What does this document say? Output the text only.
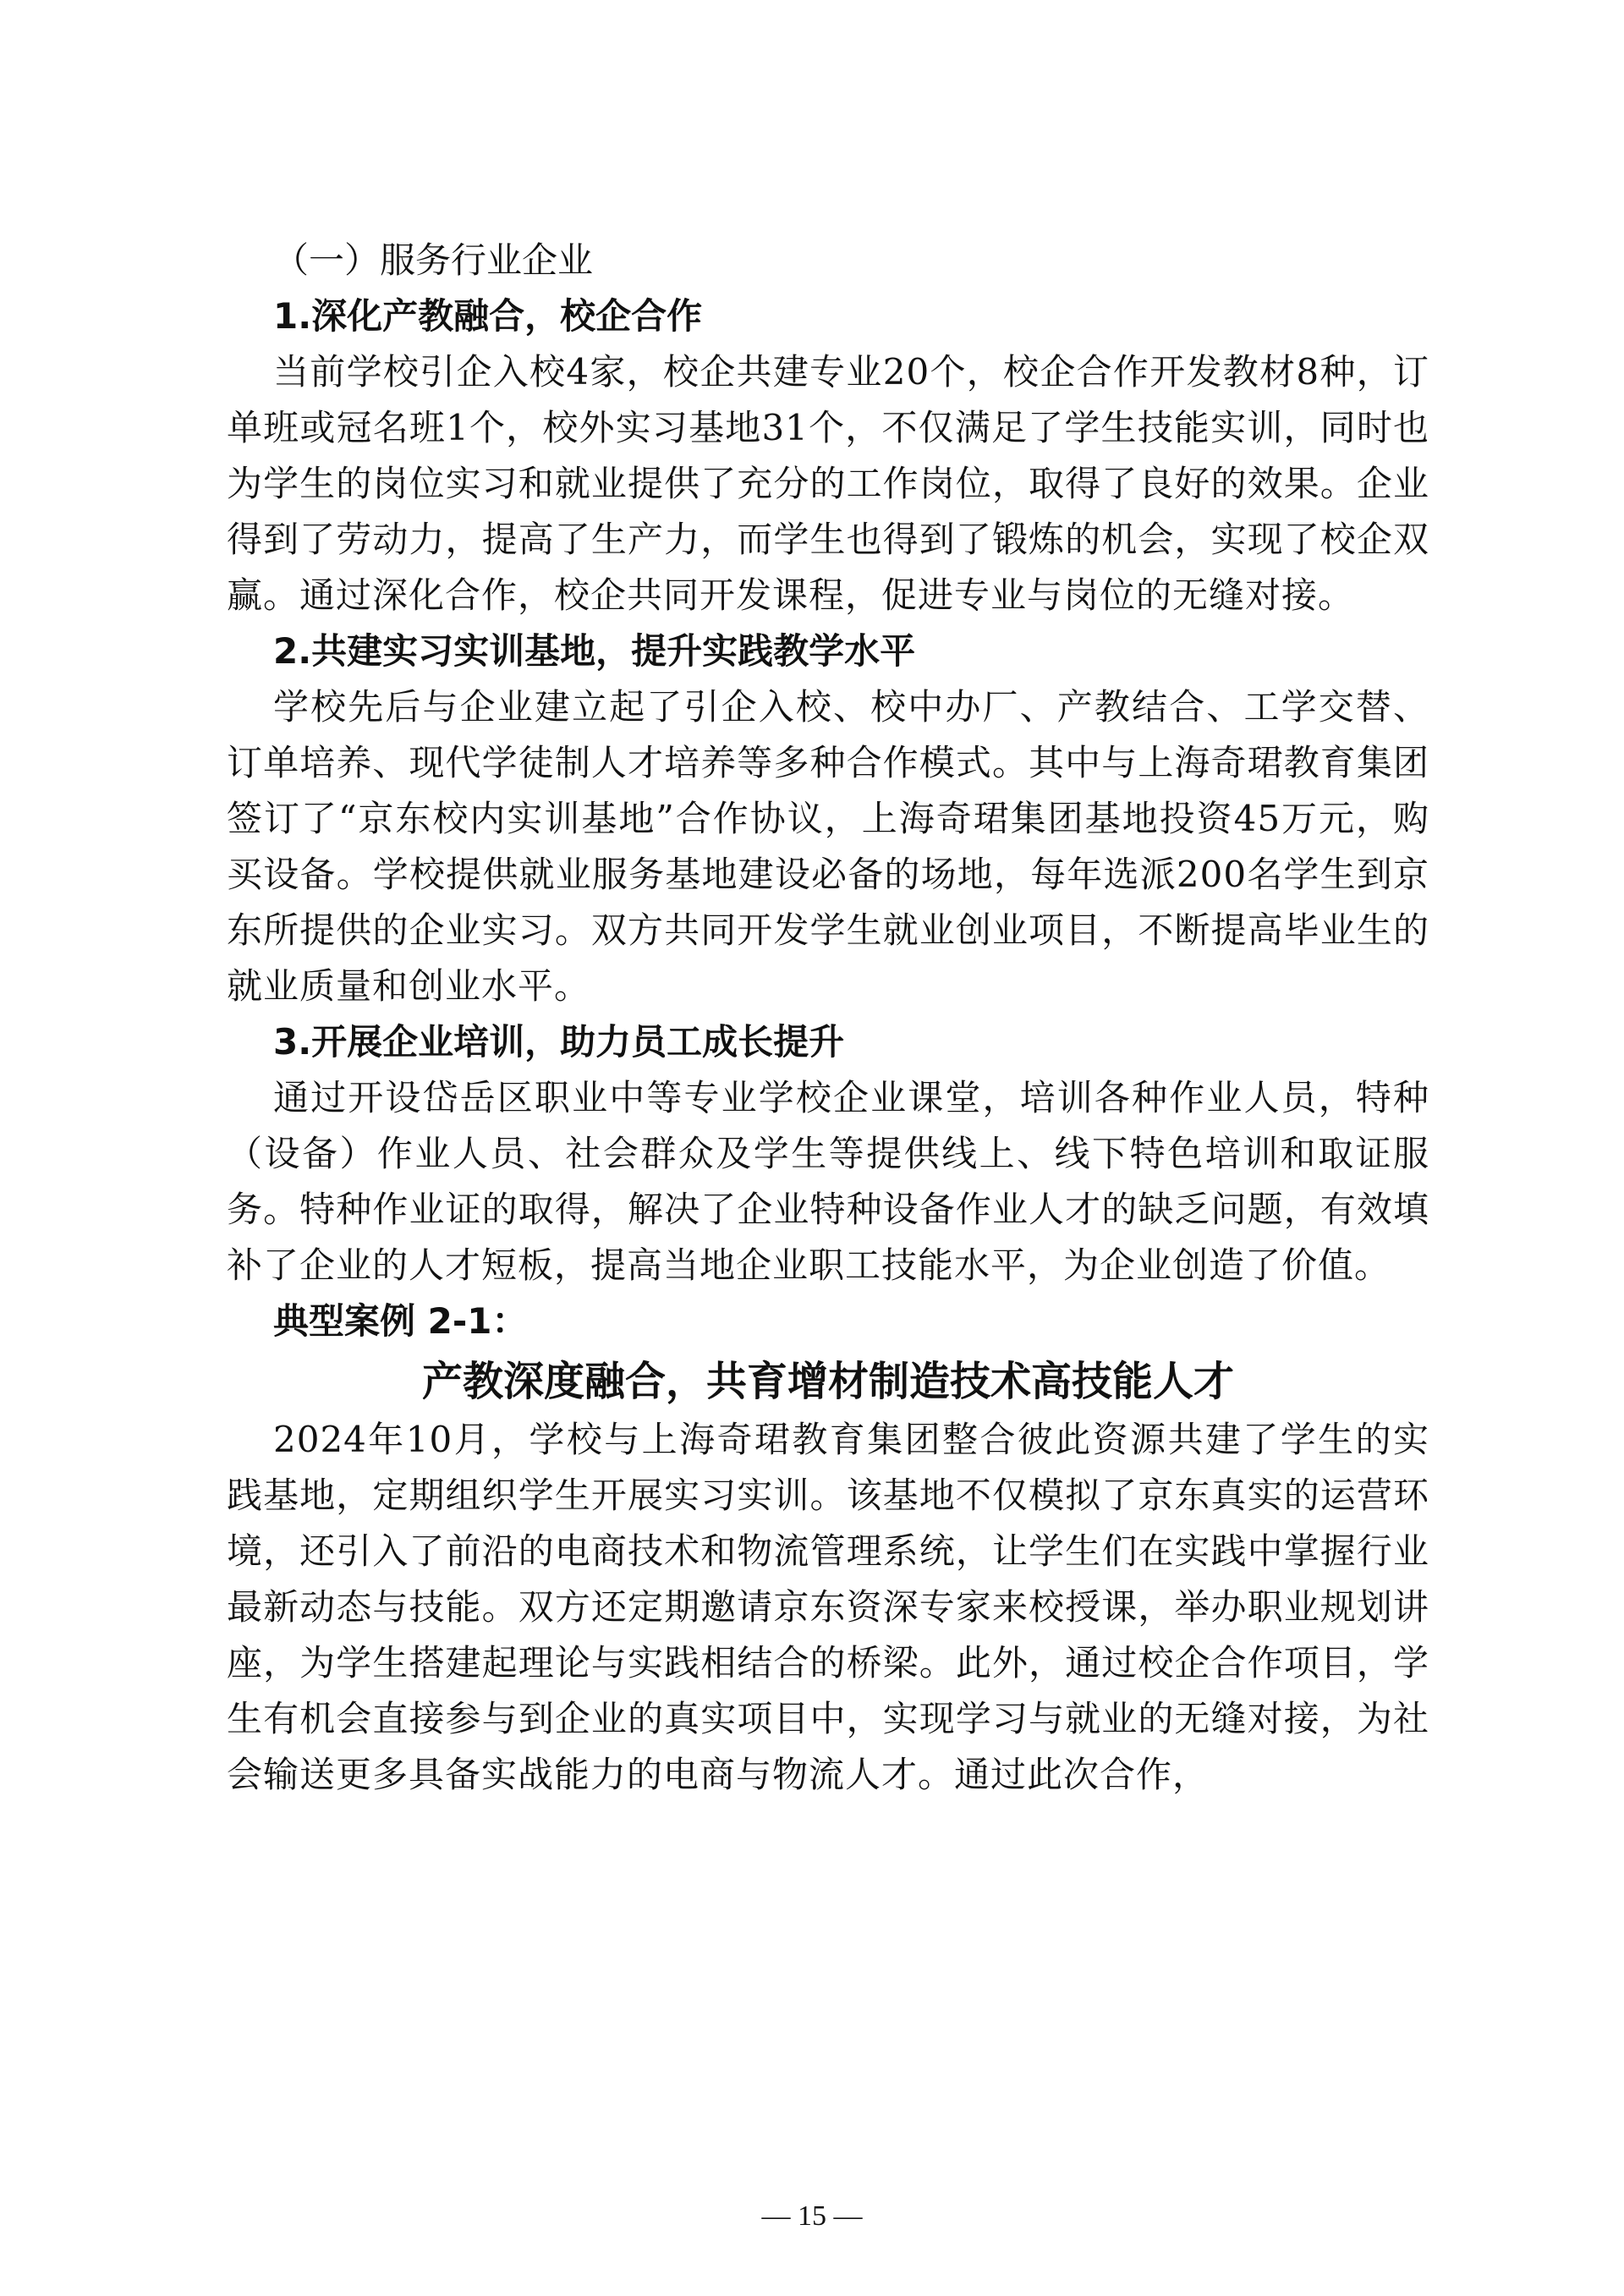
（一）服务行业企业

1.深化产教融合，校企合作

当前学校引企入校4家，校企共建专业20个，校企合作开发教材8种，订单班或冠名班1个，校外实习基地31个，不仅满足了学生技能实训，同时也为学生的岗位实习和就业提供了充分的工作岗位，取得了良好的效果。企业得到了劳动力，提高了生产力，而学生也得到了锻炼的机会，实现了校企双赢。通过深化合作，校企共同开发课程，促进专业与岗位的无缝对接。

2.共建实习实训基地，提升实践教学水平

学校先后与企业建立起了引企入校、校中办厂、产教结合、工学交替、订单培养、现代学徒制人才培养等多种合作模式。其中与上海奇珺教育集团签订了“京东校内实训基地”合作协议，上海奇珺集团基地投资45万元，购买设备。学校提供就业服务基地建设必备的场地，每年选派200名学生到京东所提供的企业实习。双方共同开发学生就业创业项目，不断提高毕业生的就业质量和创业水平。

3.开展企业培训，助力员工成长提升

通过开设岱岳区职业中等专业学校企业课堂，培训各种作业人员，特种（设备）作业人员、社会群众及学生等提供线上、线下特色培训和取证服务。特种作业证的取得，解决了企业特种设备作业人才的缺乏问题，有效填补了企业的人才短板，提高当地企业职工技能水平，为企业创造了价值。

典型案例 2-1：

产教深度融合，共育增材制造技术高技能人才

2024年10月，学校与上海奇珺教育集团整合彼此资源共建了学生的实践基地，定期组织学生开展实习实训。该基地不仅模拟了京东真实的运营环境，还引入了前沿的电商技术和物流管理系统，让学生们在实践中掌握行业最新动态与技能。双方还定期邀请京东资深专家来校授课，举办职业规划讲座，为学生搭建起理论与实践相结合的桥梁。此外，通过校企合作项目，学生有机会直接参与到企业的真实项目中，实现学习与就业的无缝对接，为社会输送更多具备实战能力的电商与物流人才。通过此次合作，

— 15 —
